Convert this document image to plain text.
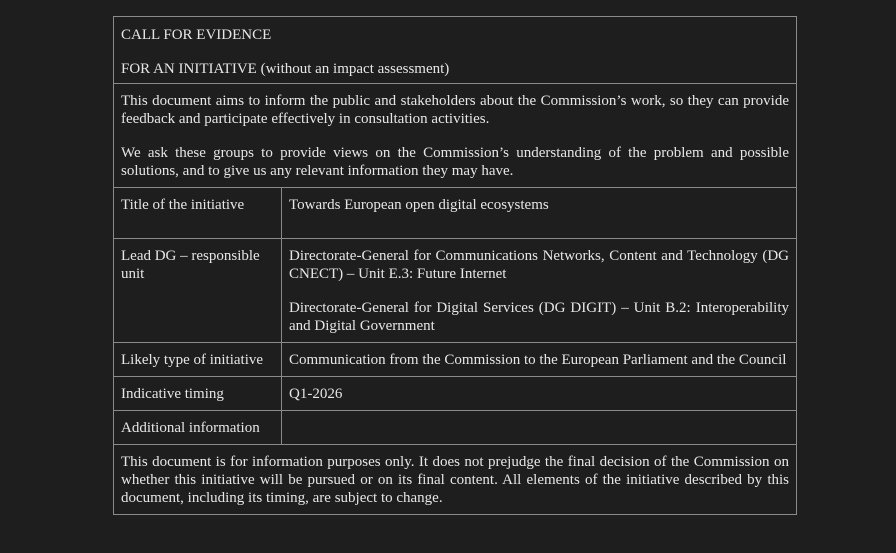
CALL FOR EVIDENCE

FOR AN INITIATIVE (without an impact assessment)	

This document aims to inform the public and stakeholders about the Commission’s work, so they can provide feedback and participate effectively in consultation activities.

We ask these groups to provide views on the Commission’s understanding of the problem and possible solutions, and to give us any relevant information they may have.	

Title of the initiative	Towards European open digital ecosystems
Lead DG – responsible unit	Directorate-General for Communications Networks, Content and Technology (DG CNECT) – Unit E.3: Future Internet

Directorate-General for Digital Services (DG DIGIT) – Unit B.2: Interoperability and Digital Government

Likely type of initiative	Communication from the Commission to the European Parliament and the Council
Indicative timing	Q1-2026
Additional information	

This document is for information purposes only. It does not prejudge the final decision of the Commission on whether this initiative will be pursued or on its final content. All elements of the initiative described by this document, including its timing, are subject to change.	
